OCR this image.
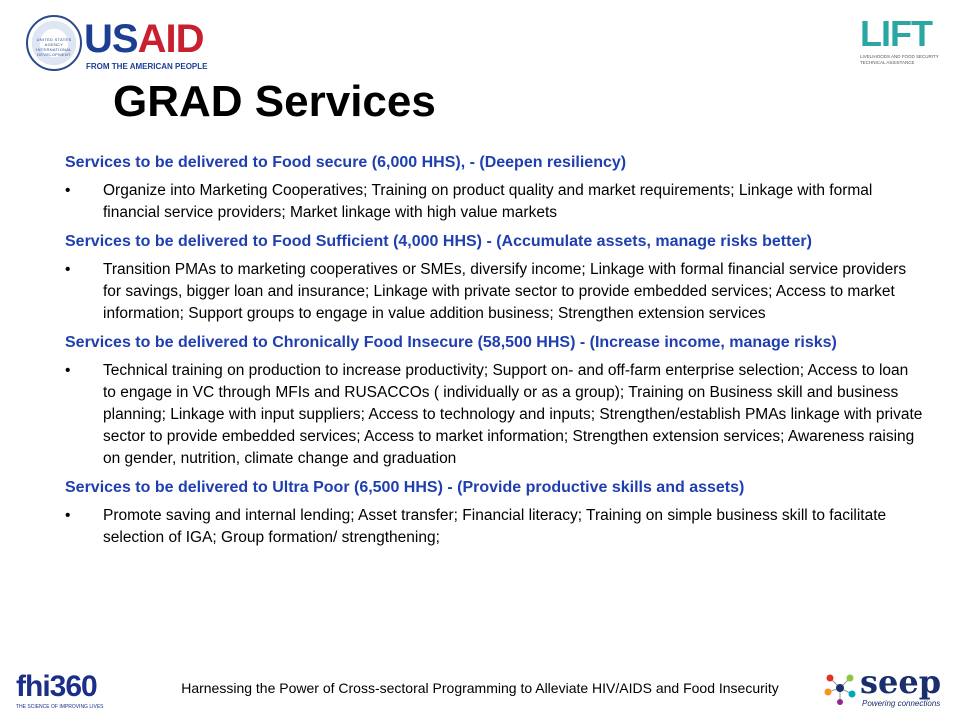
UNITED STATES AGENCY INTERNATIONAL DEVELOPMENT USAID
FROM THE AMERICAN PEOPLE
LIFT
LIVELIHOODS AND FOOD SECURITY TECHNICAL ASSISTANCE
GRAD Services

Services to be delivered to Food secure (6,000 HHS), - (Deepen resiliency)

• Organize into Marketing Cooperatives; Training on product quality and market requirements; Linkage with formal financial service providers; Market linkage with high value markets

Services to be delivered to Food Sufficient (4,000 HHS) - (Accumulate assets, manage risks better)

• Transition PMAs to marketing cooperatives or SMEs, diversify income; Linkage with formal financial service providers for savings, bigger loan and insurance; Linkage with private sector to provide embedded services; Access to market information; Support groups to engage in value addition business; Strengthen extension services

Services to be delivered to Chronically Food Insecure (58,500 HHS) - (Increase income, manage risks)

• Technical training on production to increase productivity; Support on- and off-farm enterprise selection; Access to loan to engage in VC through MFIs and RUSACCOs ( individually or as a group); Training on Business skill and business planning; Linkage with input suppliers; Access to technology and inputs; Strengthen/establish PMAs linkage with private sector to provide embedded services; Access to market information; Strengthen extension services; Awareness raising on gender, nutrition, climate change and graduation

Services to be delivered to Ultra Poor (6,500 HHS) - (Provide productive skills and assets)

• Promote saving and internal lending; Asset transfer; Financial literacy; Training on simple business skill to facilitate selection of IGA; Group formation/ strengthening;

fhi360
THE SCIENCE OF IMPROVING LIVES
Harnessing the Power of Cross-sectoral Programming to Alleviate HIV/AIDS and Food Insecurity	seep
Powering connections
